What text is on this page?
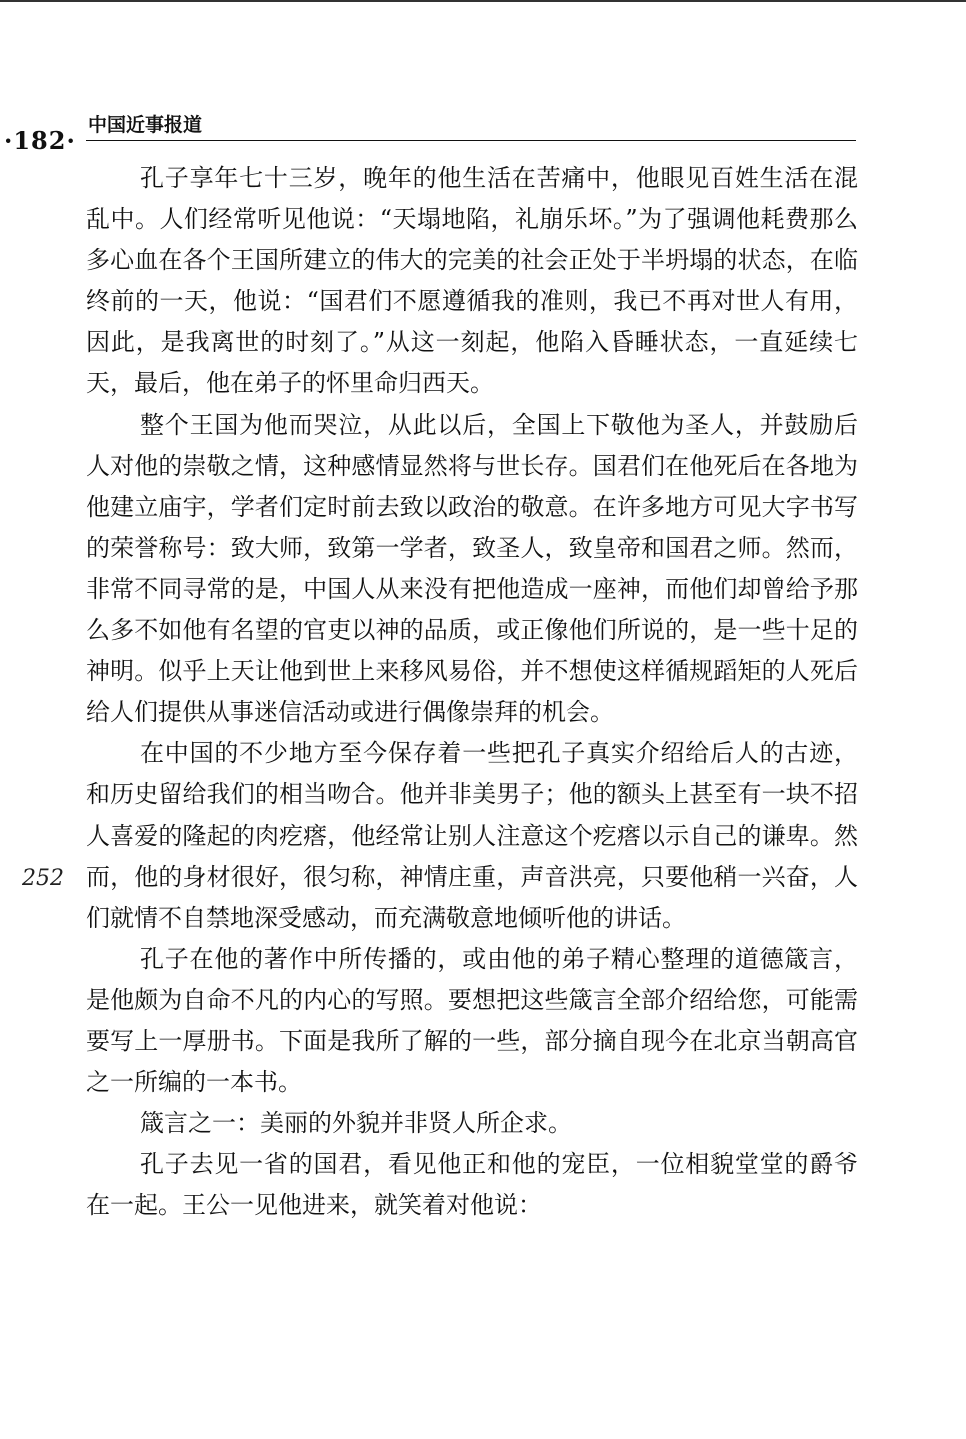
·182·
中国近事报道
252

孔子享年七十三岁，晚年的他生活在苦痛中，他眼见百姓生活在混乱中。人们经常听见他说：“天塌地陷，礼崩乐坏。”为了强调他耗费那么多心血在各个王国所建立的伟大的完美的社会正处于半坍塌的状态，在临终前的一天，他说：“国君们不愿遵循我的准则，我已不再对世人有用，因此，是我离世的时刻了。”从这一刻起，他陷入昏睡状态，一直延续七天，最后，他在弟子的怀里命归西天。

整个王国为他而哭泣，从此以后，全国上下敬他为圣人，并鼓励后人对他的崇敬之情，这种感情显然将与世长存。国君们在他死后在各地为他建立庙宇，学者们定时前去致以政治的敬意。在许多地方可见大字书写的荣誉称号：致大师，致第一学者，致圣人，致皇帝和国君之师。然而，非常不同寻常的是，中国人从来没有把他造成一座神，而他们却曾给予那么多不如他有名望的官吏以神的品质，或正像他们所说的，是一些十足的神明。似乎上天让他到世上来移风易俗，并不想使这样循规蹈矩的人死后给人们提供从事迷信活动或进行偶像崇拜的机会。

在中国的不少地方至今保存着一些把孔子真实介绍给后人的古迹，和历史留给我们的相当吻合。他并非美男子；他的额头上甚至有一块不招人喜爱的隆起的肉疙瘩，他经常让别人注意这个疙瘩以示自己的谦卑。然而，他的身材很好，很匀称，神情庄重，声音洪亮，只要他稍一兴奋，人们就情不自禁地深受感动，而充满敬意地倾听他的讲话。

孔子在他的著作中所传播的，或由他的弟子精心整理的道德箴言，是他颇为自命不凡的内心的写照。要想把这些箴言全部介绍给您，可能需要写上一厚册书。下面是我所了解的一些，部分摘自现今在北京当朝高官之一所编的一本书。

箴言之一：美丽的外貌并非贤人所企求。

孔子去见一省的国君，看见他正和他的宠臣，一位相貌堂堂的爵爷在一起。王公一见他进来，就笑着对他说：
